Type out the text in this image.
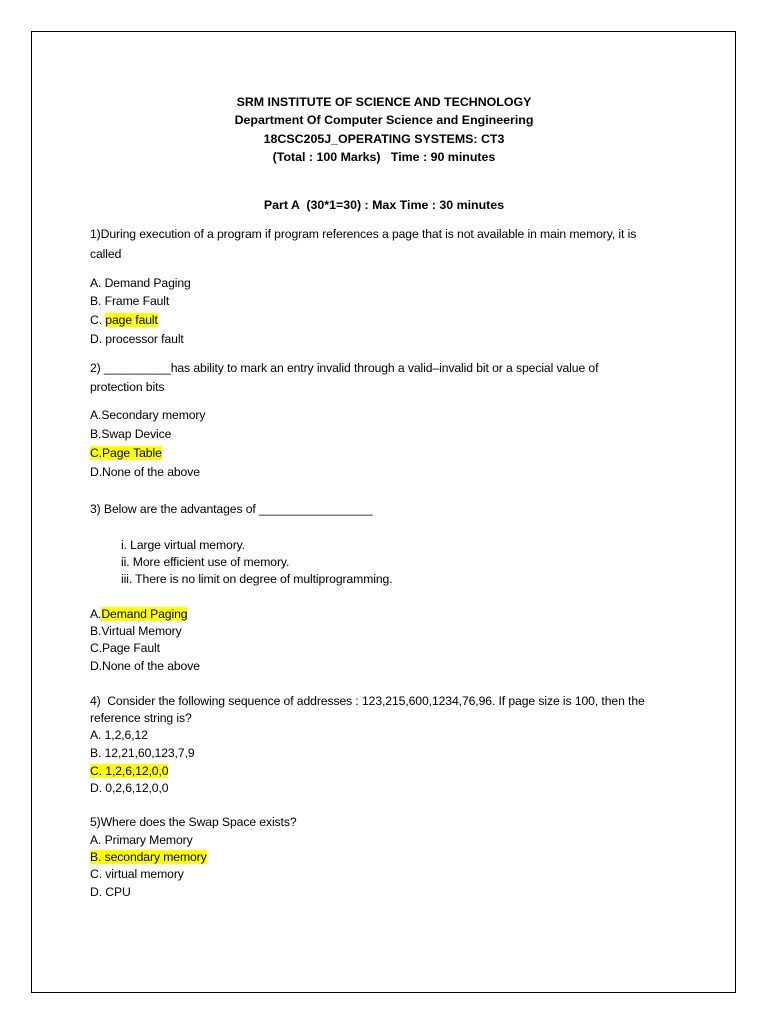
SRM INSTITUTE OF SCIENCE AND TECHNOLOGY
Department Of Computer Science and Engineering
18CSC205J_OPERATING SYSTEMS: CT3
(Total : 100 Marks)   Time : 90 minutes
Part A  (30*1=30) : Max Time : 30 minutes
1)During execution of a program if program references a page that is not available in main memory, it is
called
A. Demand Paging
B. Frame Fault
C. page fault
D. processor fault
2) __________has ability to mark an entry invalid through a valid–invalid bit or a special value of
protection bits
A.Secondary memory
B.Swap Device
C.Page Table
D.None of the above
3) Below are the advantages of _________________
i. Large virtual memory.
ii. More efficient use of memory.
iii. There is no limit on degree of multiprogramming.
A.Demand Paging
B.Virtual Memory
C.Page Fault
D.None of the above
4)  Consider the following sequence of addresses : 123,215,600,1234,76,96. If page size is 100, then the
reference string is?
A. 1,2,6,12
B. 12,21,60,123,7,9
C. 1,2,6,12,0,0
D. 0,2,6,12,0,0
5)Where does the Swap Space exists?
A. Primary Memory
B. secondary memory
C. virtual memory
D. CPU
